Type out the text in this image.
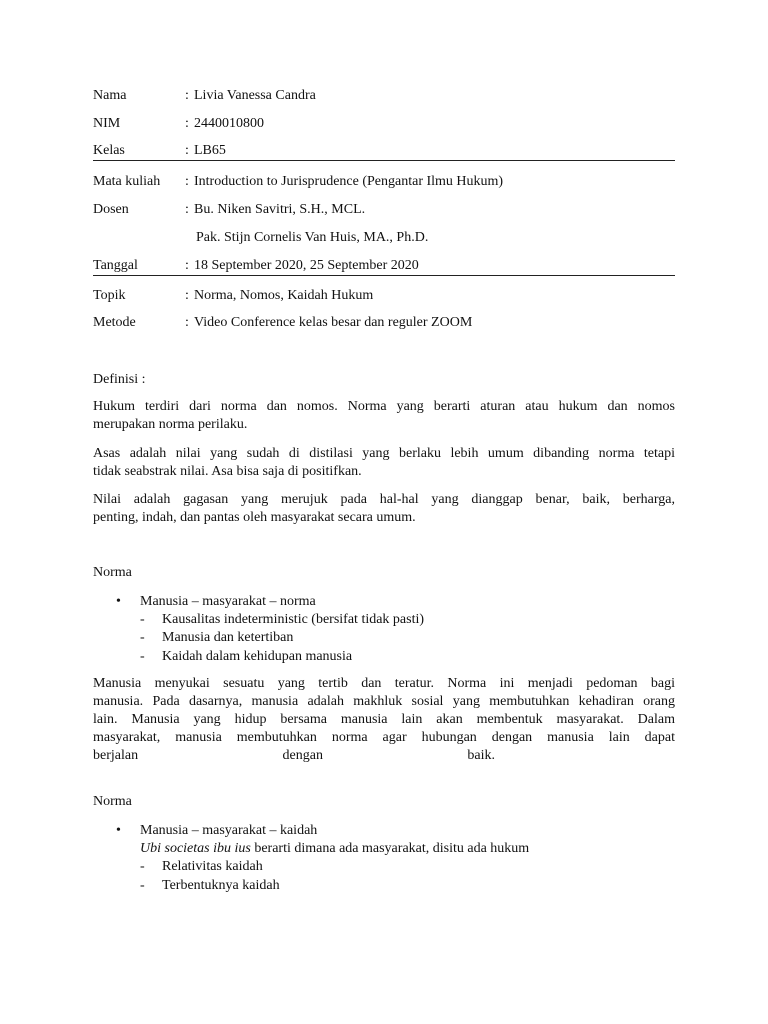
Nama	: Livia Vanessa Candra
NIM	: 2440010800
Kelas	: LB65
Mata kuliah : Introduction to Jurisprudence (Pengantar Ilmu Hukum)
Dosen	: Bu. Niken Savitri, S.H., MCL.
Pak. Stijn Cornelis Van Huis, MA., Ph.D.
Tanggal	: 18 September 2020, 25 September 2020
Topik	: Norma, Nomos, Kaidah Hukum
Metode	: Video Conference kelas besar dan reguler ZOOM
Definisi :
Hukum terdiri dari norma dan nomos. Norma yang berarti aturan atau hukum dan nomos
merupakan norma perilaku.
Asas adalah nilai yang sudah di distilasi yang berlaku lebih umum dibanding norma tetapi
tidak seabstrak nilai. Asa bisa saja di positifkan.
Nilai adalah gagasan yang merujuk pada hal-hal yang dianggap benar, baik, berharga,
penting, indah, dan pantas oleh masyarakat secara umum.
Norma
• Manusia – masyarakat – norma
- Kausalitas indeterministic (bersifat tidak pasti)
- Manusia dan ketertiban
- Kaidah dalam kehidupan manusia
Manusia menyukai sesuatu yang tertib dan teratur. Norma ini menjadi pedoman bagi
manusia. Pada dasarnya, manusia adalah makhluk sosial yang membutuhkan kehadiran orang
lain. Manusia yang hidup bersama manusia lain akan membentuk masyarakat. Dalam
masyarakat, manusia membutuhkan norma agar hubungan dengan manusia lain dapat
berjalan dengan baik.
Norma
• Manusia – masyarakat – kaidah
Ubi societas ibu ius berarti dimana ada masyarakat, disitu ada hukum
- Relativitas kaidah
- Terbentuknya kaidah
